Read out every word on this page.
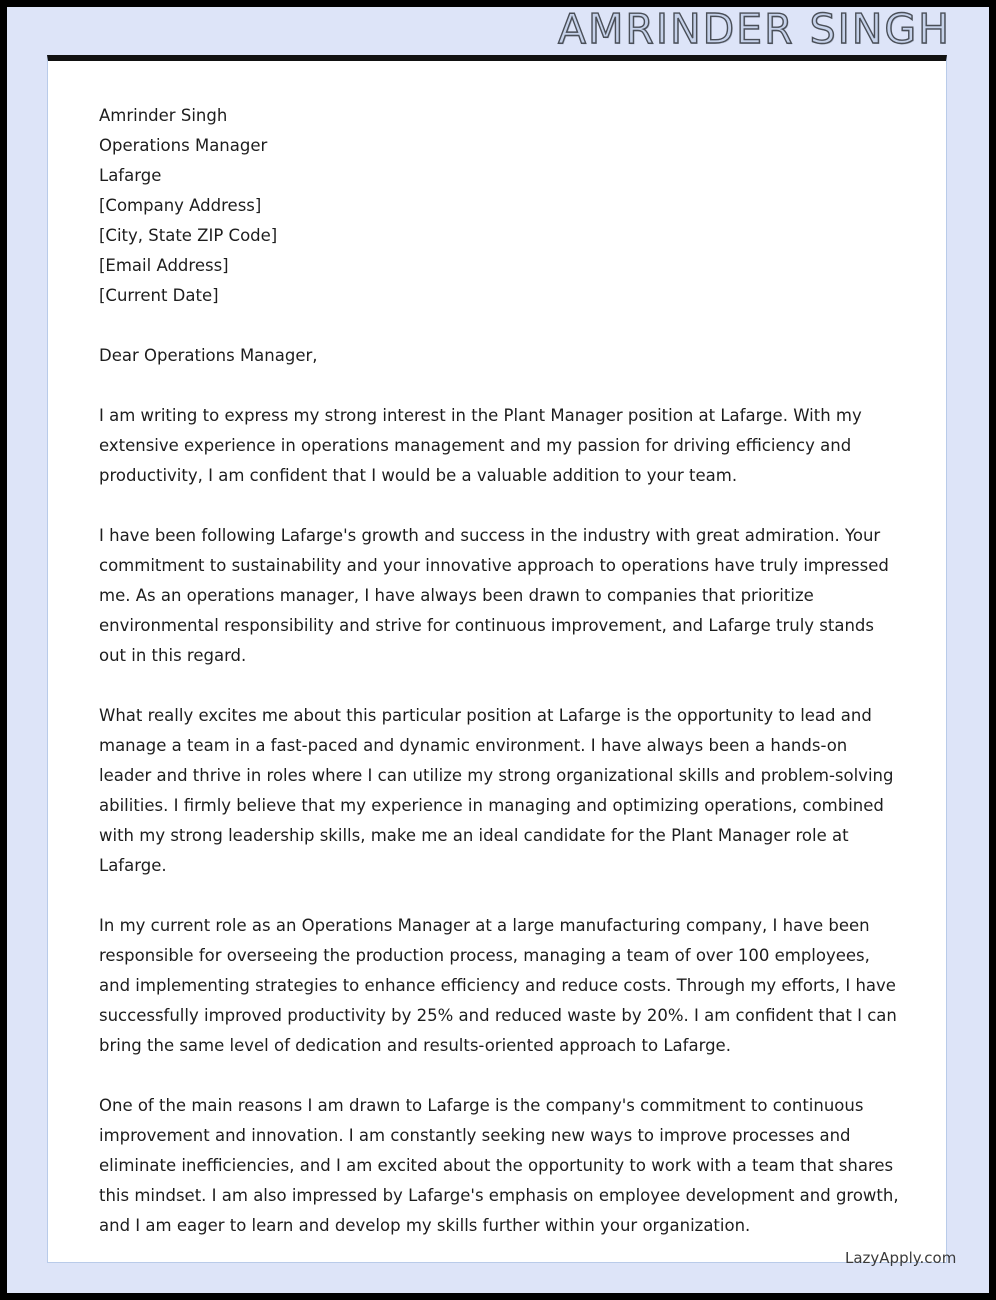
AMRINDER SINGH
Amrinder Singh
Operations Manager
Lafarge
[Company Address]
[City, State ZIP Code]
[Email Address]
[Current Date]
Dear Operations Manager,

I am writing to express my strong interest in the Plant Manager position at Lafarge. With my extensive experience in operations management and my passion for driving efficiency and productivity, I am confident that I would be a valuable addition to your team.

I have been following Lafarge's growth and success in the industry with great admiration. Your commitment to sustainability and your innovative approach to operations have truly impressed me. As an operations manager, I have always been drawn to companies that prioritize environmental responsibility and strive for continuous improvement, and Lafarge truly stands out in this regard.

What really excites me about this particular position at Lafarge is the opportunity to lead and manage a team in a fast-paced and dynamic environment. I have always been a hands-on leader and thrive in roles where I can utilize my strong organizational skills and problem-solving abilities. I firmly believe that my experience in managing and optimizing operations, combined with my strong leadership skills, make me an ideal candidate for the Plant Manager role at Lafarge.

In my current role as an Operations Manager at a large manufacturing company, I have been responsible for overseeing the production process, managing a team of over 100 employees, and implementing strategies to enhance efficiency and reduce costs. Through my efforts, I have successfully improved productivity by 25% and reduced waste by 20%. I am confident that I can bring the same level of dedication and results-oriented approach to Lafarge.

One of the main reasons I am drawn to Lafarge is the company's commitment to continuous improvement and innovation. I am constantly seeking new ways to improve processes and eliminate inefficiencies, and I am excited about the opportunity to work with a team that shares this mindset. I am also impressed by Lafarge's emphasis on employee development and growth, and I am eager to learn and develop my skills further within your organization.

LazyApply.com
